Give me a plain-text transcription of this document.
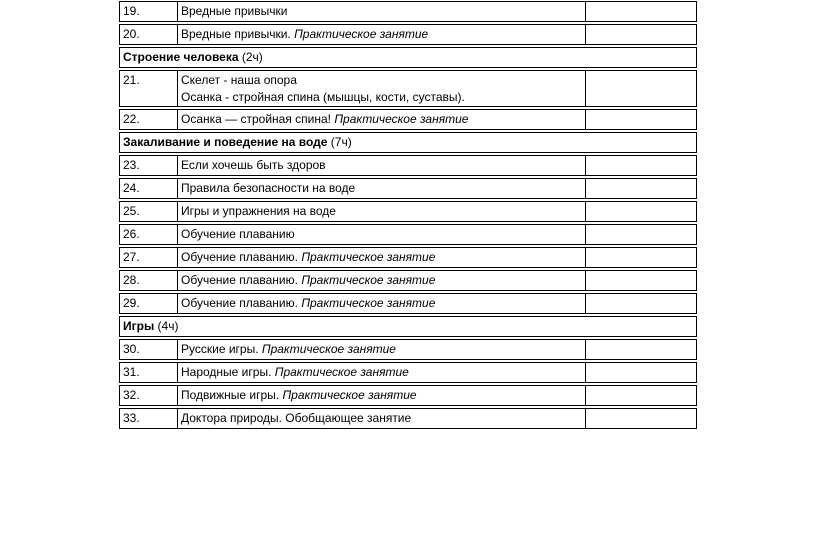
19.	Вредные привычки
20.	Вредные привычки. Практическое занятие
Строение человека (2ч)
21.	Скелет - наша опора
Осанка - стройная спина (мышцы, кости, суставы).
22.	Осанка — стройная спина! Практическое занятие
Закаливание и поведение на воде (7ч)
23.	Если хочешь быть здоров
24.	Правила безопасности на воде
25.	Игры и упражнения на воде
26.	Обучение плаванию
27.	Обучение плаванию. Практическое занятие
28.	Обучение плаванию. Практическое занятие
29.	Обучение плаванию. Практическое занятие
Игры (4ч)
30.	Русские игры. Практическое занятие
31.	Народные игры. Практическое занятие
32.	Подвижные игры. Практическое занятие
33.	Доктора природы. Обобщающее занятие
